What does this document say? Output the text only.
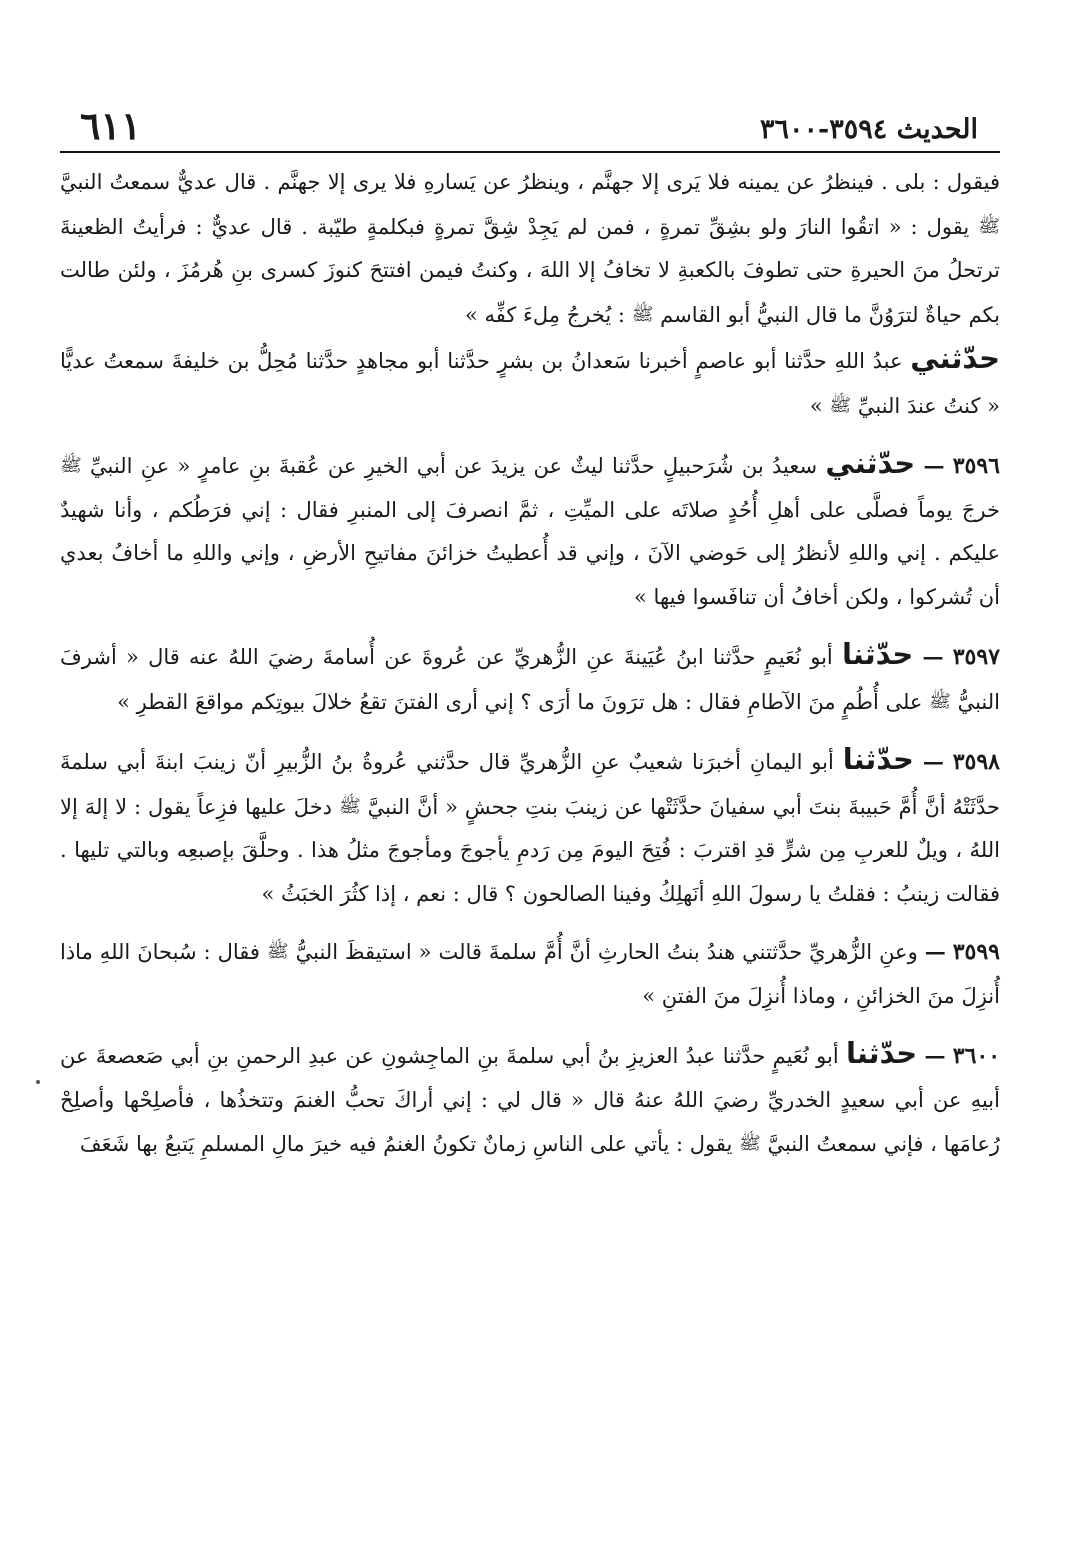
الحديث ٣٥٩٤-٣٦٠٠
٦١١

فيقول : بلى . فينظرُ عن يمينه فلا يَرى إلا جهنَّم ، وينظرُ عن يَسارهِ فلا يرى إلا جهنَّم . قال عديٌّ سمعتُ النبيَّ ﷺ يقول : « اتقُوا النارَ ولو بشِقِّ تمرةٍ ، فمن لم يَجِدْ شِقَّ تمرةٍ فبكلمةٍ طيّبة . قال عديٌّ : فرأيتُ الظعينةَ ترتحلُ منَ الحيرةِ حتى تطوفَ بالكعبةِ لا تخافُ إلا اللهَ ، وكنتُ فيمن افتتحَ كنوزَ كسرى بنِ هُرمُزَ ، ولئن طالت بكم حياةٌ لترَوُنَّ ما قال النبيُّ أبو القاسم ﷺ : يُخرجُ مِلءَ كفِّه »

حدّثني عبدُ اللهِ حدَّثنا أبو عاصمٍ أخبرنا سَعدانُ بن بشرٍ حدَّثنا أبو مجاهدٍ حدَّثنا مُحِلُّ بن خليفةَ سمعتُ عديًّا « كنتُ عندَ النبيِّ ﷺ »

٣٥٩٦ — حدّثني سعيدُ بن شُرَحبيلٍ حدَّثنا ليثٌ عن يزيدَ عن أبي الخيرِ عن عُقبةَ بنِ عامرٍ « عنِ النبيِّ ﷺ خرجَ يوماً فصلَّى على أهلِ أُحُدٍ صلاتَه على الميِّتِ ، ثمَّ انصرفَ إلى المنبرِ فقال : إني فرَطُكم ، وأنا شهيدٌ عليكم . إني واللهِ لأنظرُ إلى حَوضي الآنَ ، وإني قد أُعطيتُ خزائنَ مفاتيحِ الأرضِ ، وإني واللهِ ما أخافُ بعدي أن تُشركوا ، ولكن أخافُ أن تنافَسوا فيها »

٣٥٩٧ — حدّثنا أبو نُعَيمٍ حدَّثنا ابنُ عُيَينةَ عنِ الزُّهريِّ عن عُروةَ عن أُسامةَ رضيَ اللهُ عنه قال « أشرفَ النبيُّ ﷺ على أُطُمٍ منَ الآطامِ فقال : هل ترَونَ ما أرَى ؟ إني أرى الفتنَ تقعُ خلالَ بيوتِكم مواقعَ القطرِ »

٣٥٩٨ — حدّثنا أبو اليمانِ أخبرَنا شعيبٌ عنِ الزُّهريِّ قال حدَّثني عُروةُ بنُ الزُّبيرِ أنّ زينبَ ابنةَ أبي سلمةَ حدَّثَتْهُ أنَّ أُمَّ حَبيبةَ بنتَ أبي سفيانَ حدَّثَتْها عن زينبَ بنتِ جحشٍ « أنَّ النبيَّ ﷺ دخلَ عليها فزِعاً يقول : لا إلهَ إلا اللهُ ، ويلٌ للعربِ مِن شرٍّ قدِ اقتربَ : فُتِحَ اليومَ مِن رَدمِ يأجوجَ ومأجوجَ مثلُ هذا . وحلَّقَ بإصبعِه وبالتي تليها . فقالت زينبُ : فقلتُ يا رسولَ اللهِ أنَهلِكُ وفينا الصالحون ؟ قال : نعم ، إذا كثُرَ الخبَثُ »

٣٥٩٩ — وعنِ الزُّهريِّ حدَّثتني هندُ بنتُ الحارثِ أنَّ أُمَّ سلمةَ قالت « استيقظَ النبيُّ ﷺ فقال : سُبحانَ اللهِ ماذا أُنزِلَ منَ الخزائنِ ، وماذا أُنزِلَ منَ الفتنِ »

٣٦٠٠ — حدّثنا أبو نُعَيمٍ حدَّثنا عبدُ العزيزِ بنُ أبي سلمةَ بنِ الماجِشونِ عن عبدِ الرحمنِ بنِ أبي صَعصعةَ عن أبيهِ عن أبي سعيدٍ الخدريِّ رضيَ اللهُ عنهُ قال « قال لي : إني أراكَ تحبُّ الغنمَ وتتخذُها ، فأصلِحْها وأصلِحْ رُعامَها ، فإني سمعتُ النبيَّ ﷺ يقول : يأتي على الناسِ زمانٌ تكونُ الغنمُ فيه خيرَ مالِ المسلمِ يَتبعُ بها شَعَفَ
